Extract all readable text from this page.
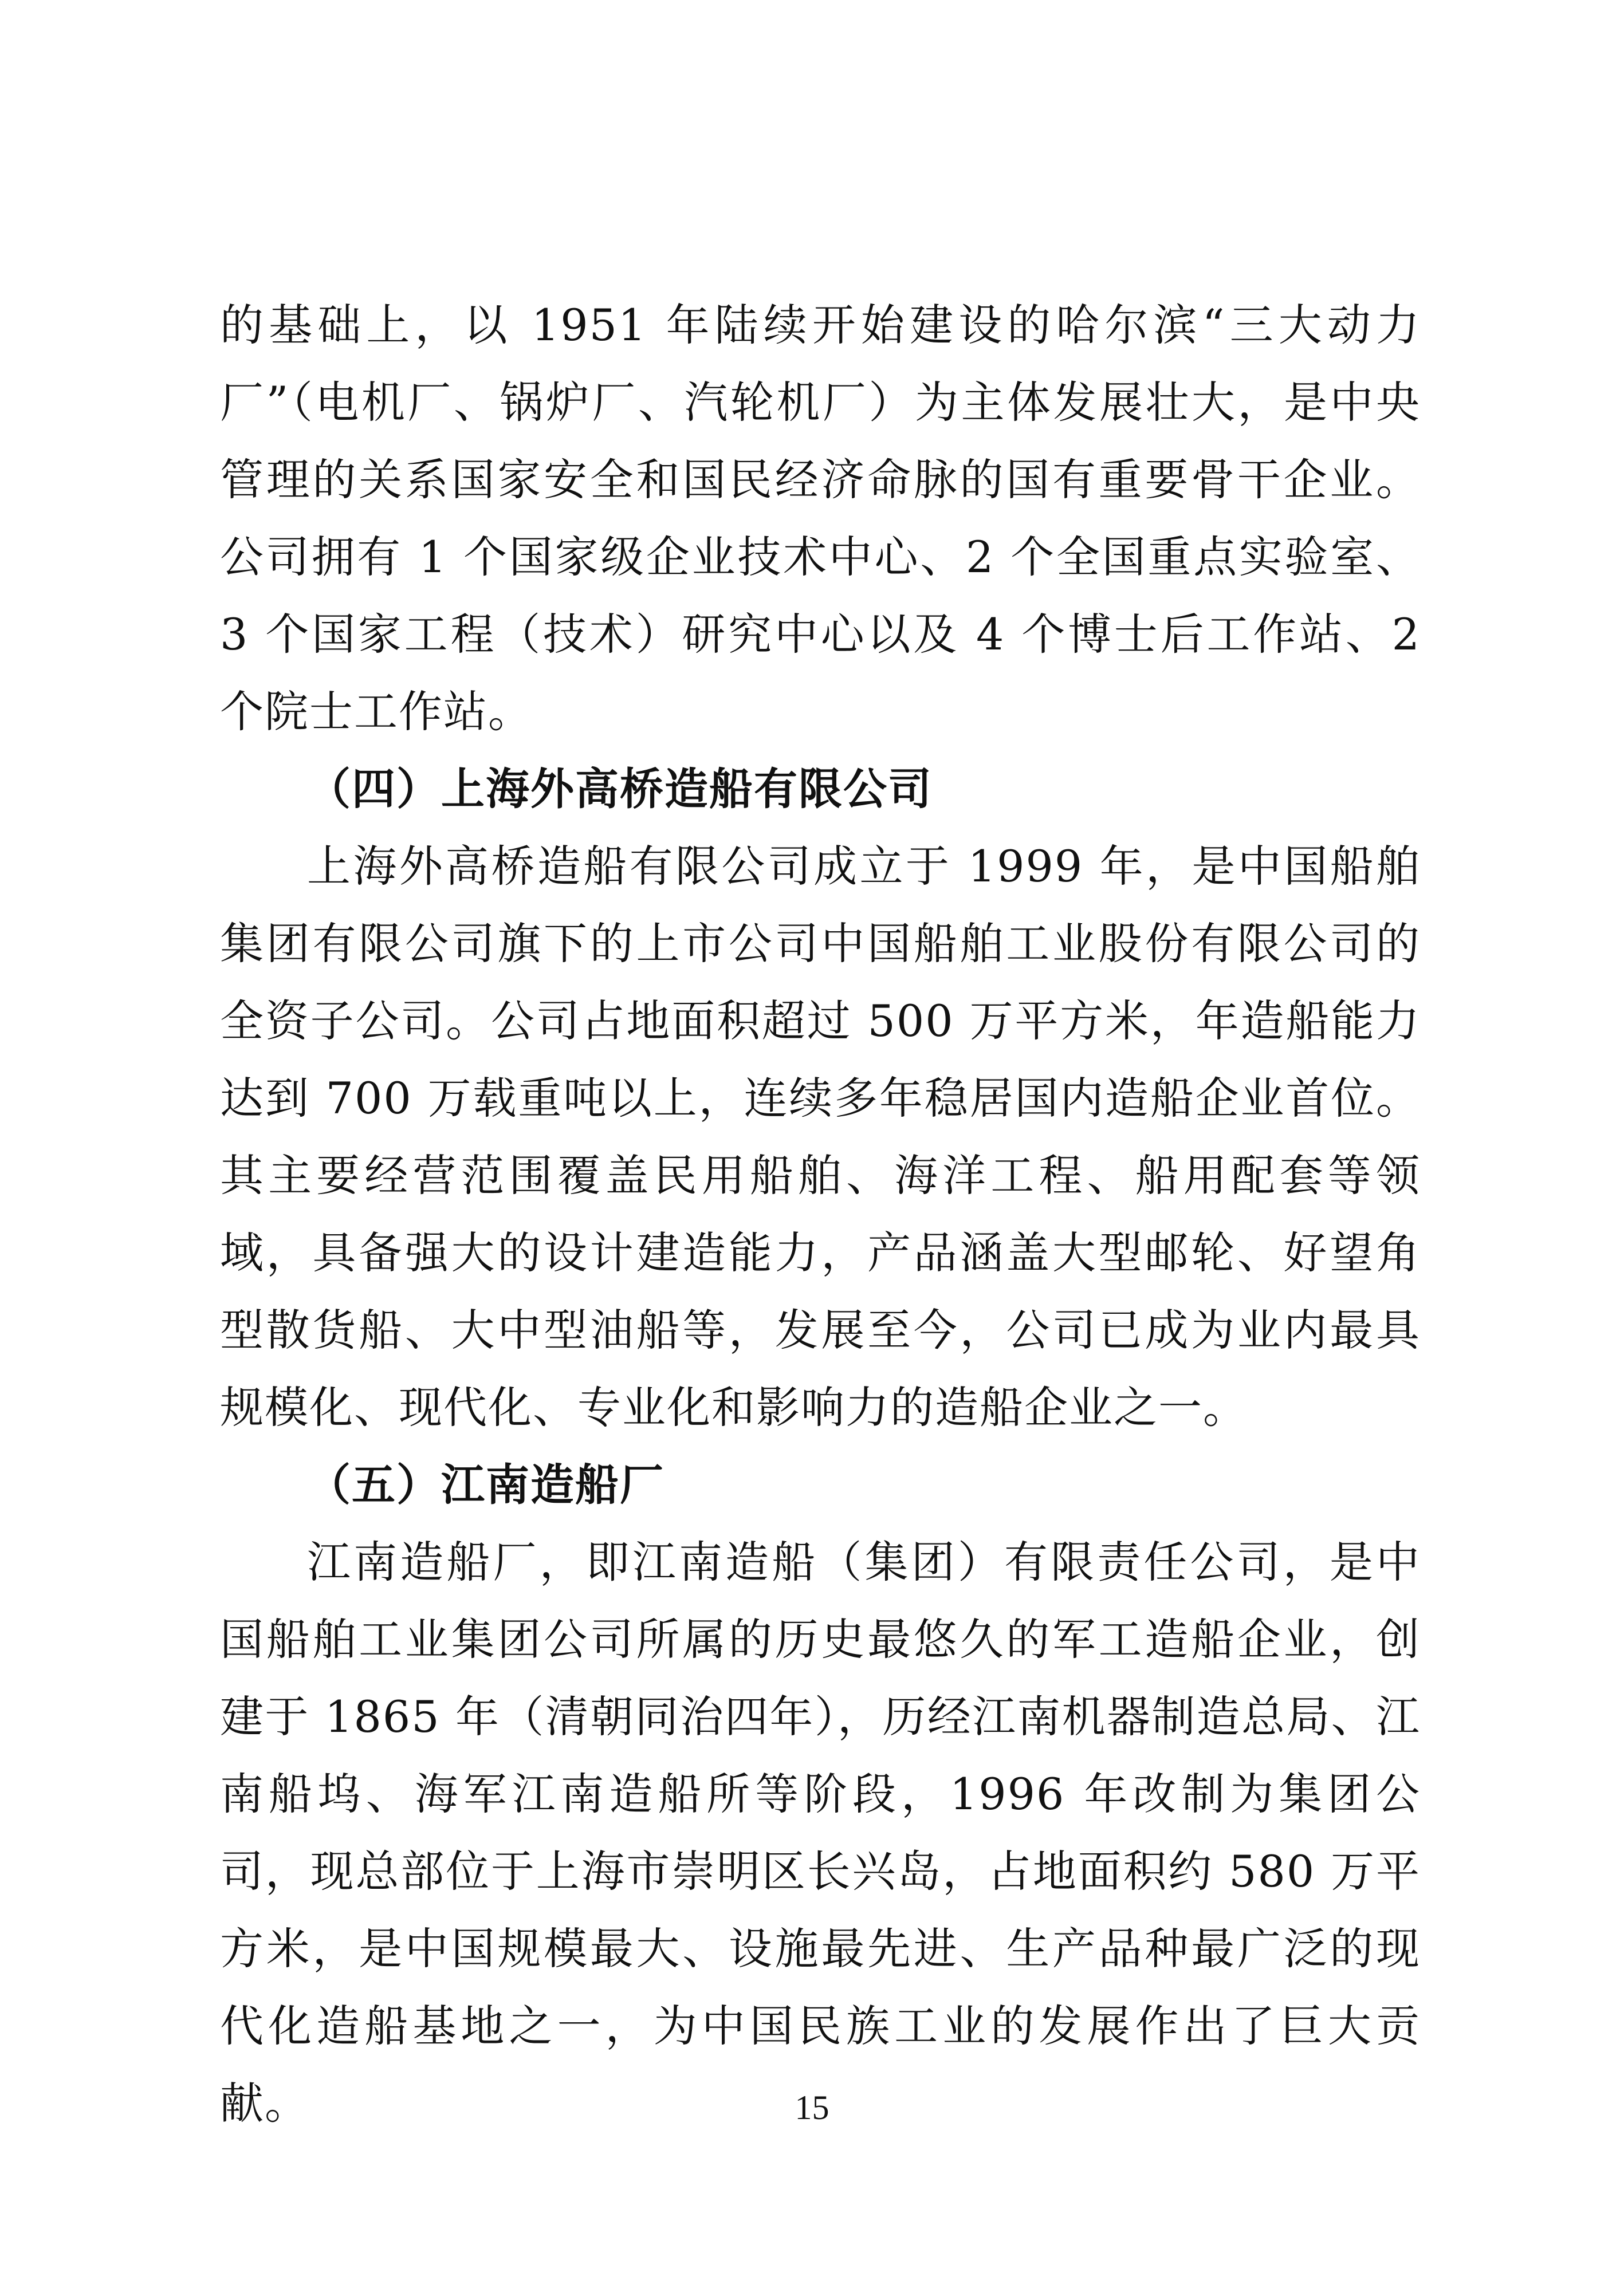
的基础上，以 1951 年陆续开始建设的哈尔滨“三大动力厂”（电机厂、锅炉厂、汽轮机厂）为主体发展壮大，是中央管理的关系国家安全和国民经济命脉的国有重要骨干企业。公司拥有 1 个国家级企业技术中心、2 个全国重点实验室、3 个国家工程（技术）研究中心以及 4 个博士后工作站、2 个院士工作站。

（四）上海外高桥造船有限公司

上海外高桥造船有限公司成立于 1999 年，是中国船舶集团有限公司旗下的上市公司中国船舶工业股份有限公司的全资子公司。公司占地面积超过 500 万平方米，年造船能力达到 700 万载重吨以上，连续多年稳居国内造船企业首位。其主要经营范围覆盖民用船舶、海洋工程、船用配套等领域，具备强大的设计建造能力，产品涵盖大型邮轮、好望角型散货船、大中型油船等，发展至今，公司已成为业内最具规模化、现代化、专业化和影响力的造船企业之一。

（五）江南造船厂

江南造船厂，即江南造船（集团）有限责任公司，是中国船舶工业集团公司所属的历史最悠久的军工造船企业，创建于 1865 年（清朝同治四年），历经江南机器制造总局、江南船坞、海军江南造船所等阶段，1996 年改制为集团公司，现总部位于上海市崇明区长兴岛，占地面积约 580 万平方米，是中国规模最大、设施最先进、生产品种最广泛的现代化造船基地之一，为中国民族工业的发展作出了巨大贡献。	15
